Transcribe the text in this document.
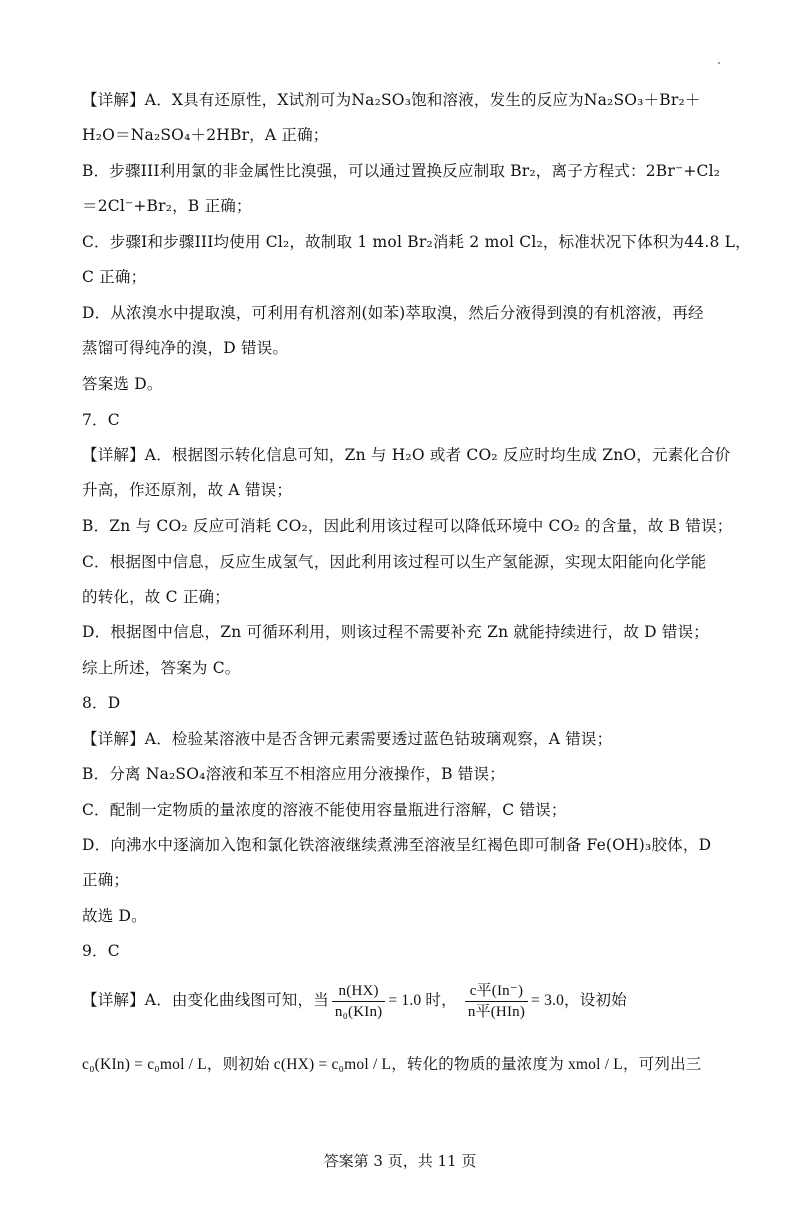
【详解】A．X具有还原性，X试剂可为Na₂SO₃饱和溶液，发生的反应为Na₂SO₃＋Br₂＋
H₂O＝Na₂SO₄＋2HBr，A 正确；
B．步骤III利用氯的非金属性比溴强，可以通过置换反应制取 Br₂，离子方程式：2Br⁻+Cl₂
＝2Cl⁻+Br₂，B 正确；
C．步骤I和步骤III均使用 Cl₂，故制取 1 mol Br₂消耗 2 mol Cl₂，标准状况下体积为44.8 L，
C 正确；
D．从浓溴水中提取溴，可利用有机溶剂(如苯)萃取溴，然后分液得到溴的有机溶液，再经
蒸馏可得纯净的溴，D 错误。
答案选 D。
7．C
【详解】A．根据图示转化信息可知，Zn 与 H₂O 或者 CO₂ 反应时均生成 ZnO，元素化合价
升高，作还原剂，故 A 错误；
B．Zn 与 CO₂ 反应可消耗 CO₂，因此利用该过程可以降低环境中 CO₂ 的含量，故 B 错误；
C．根据图中信息，反应生成氢气，因此利用该过程可以生产氢能源，实现太阳能向化学能
的转化，故 C 正确；
D．根据图中信息，Zn 可循环利用，则该过程不需要补充 Zn 就能持续进行，故 D 错误；
综上所述，答案为 C。
8．D
【详解】A．检验某溶液中是否含钾元素需要透过蓝色钴玻璃观察，A 错误；
B．分离 Na₂SO₄溶液和苯互不相溶应用分液操作，B 错误；
C．配制一定物质的量浓度的溶液不能使用容量瓶进行溶解，C 错误；
D．向沸水中逐滴加入饱和氯化铁溶液继续煮沸至溶液呈红褐色即可制备 Fe(OH)₃胶体，D
正确；
故选 D。
9．C
【详解】A．由变化曲线图可知，当 $\frac{n(HX)}{\text{n₀(KIn)}} = 1.0$ 时， $\frac{\text{c平(In⁻)}}{\text{n平(HIn)}} = 3.0$，设初始
c₀(KIn) = c₀mol / L，则初始 c(HX) = c₀mol / L，转化的物质的量浓度为 xmol / L，可列出三
答案第 3 页，共 11 页
